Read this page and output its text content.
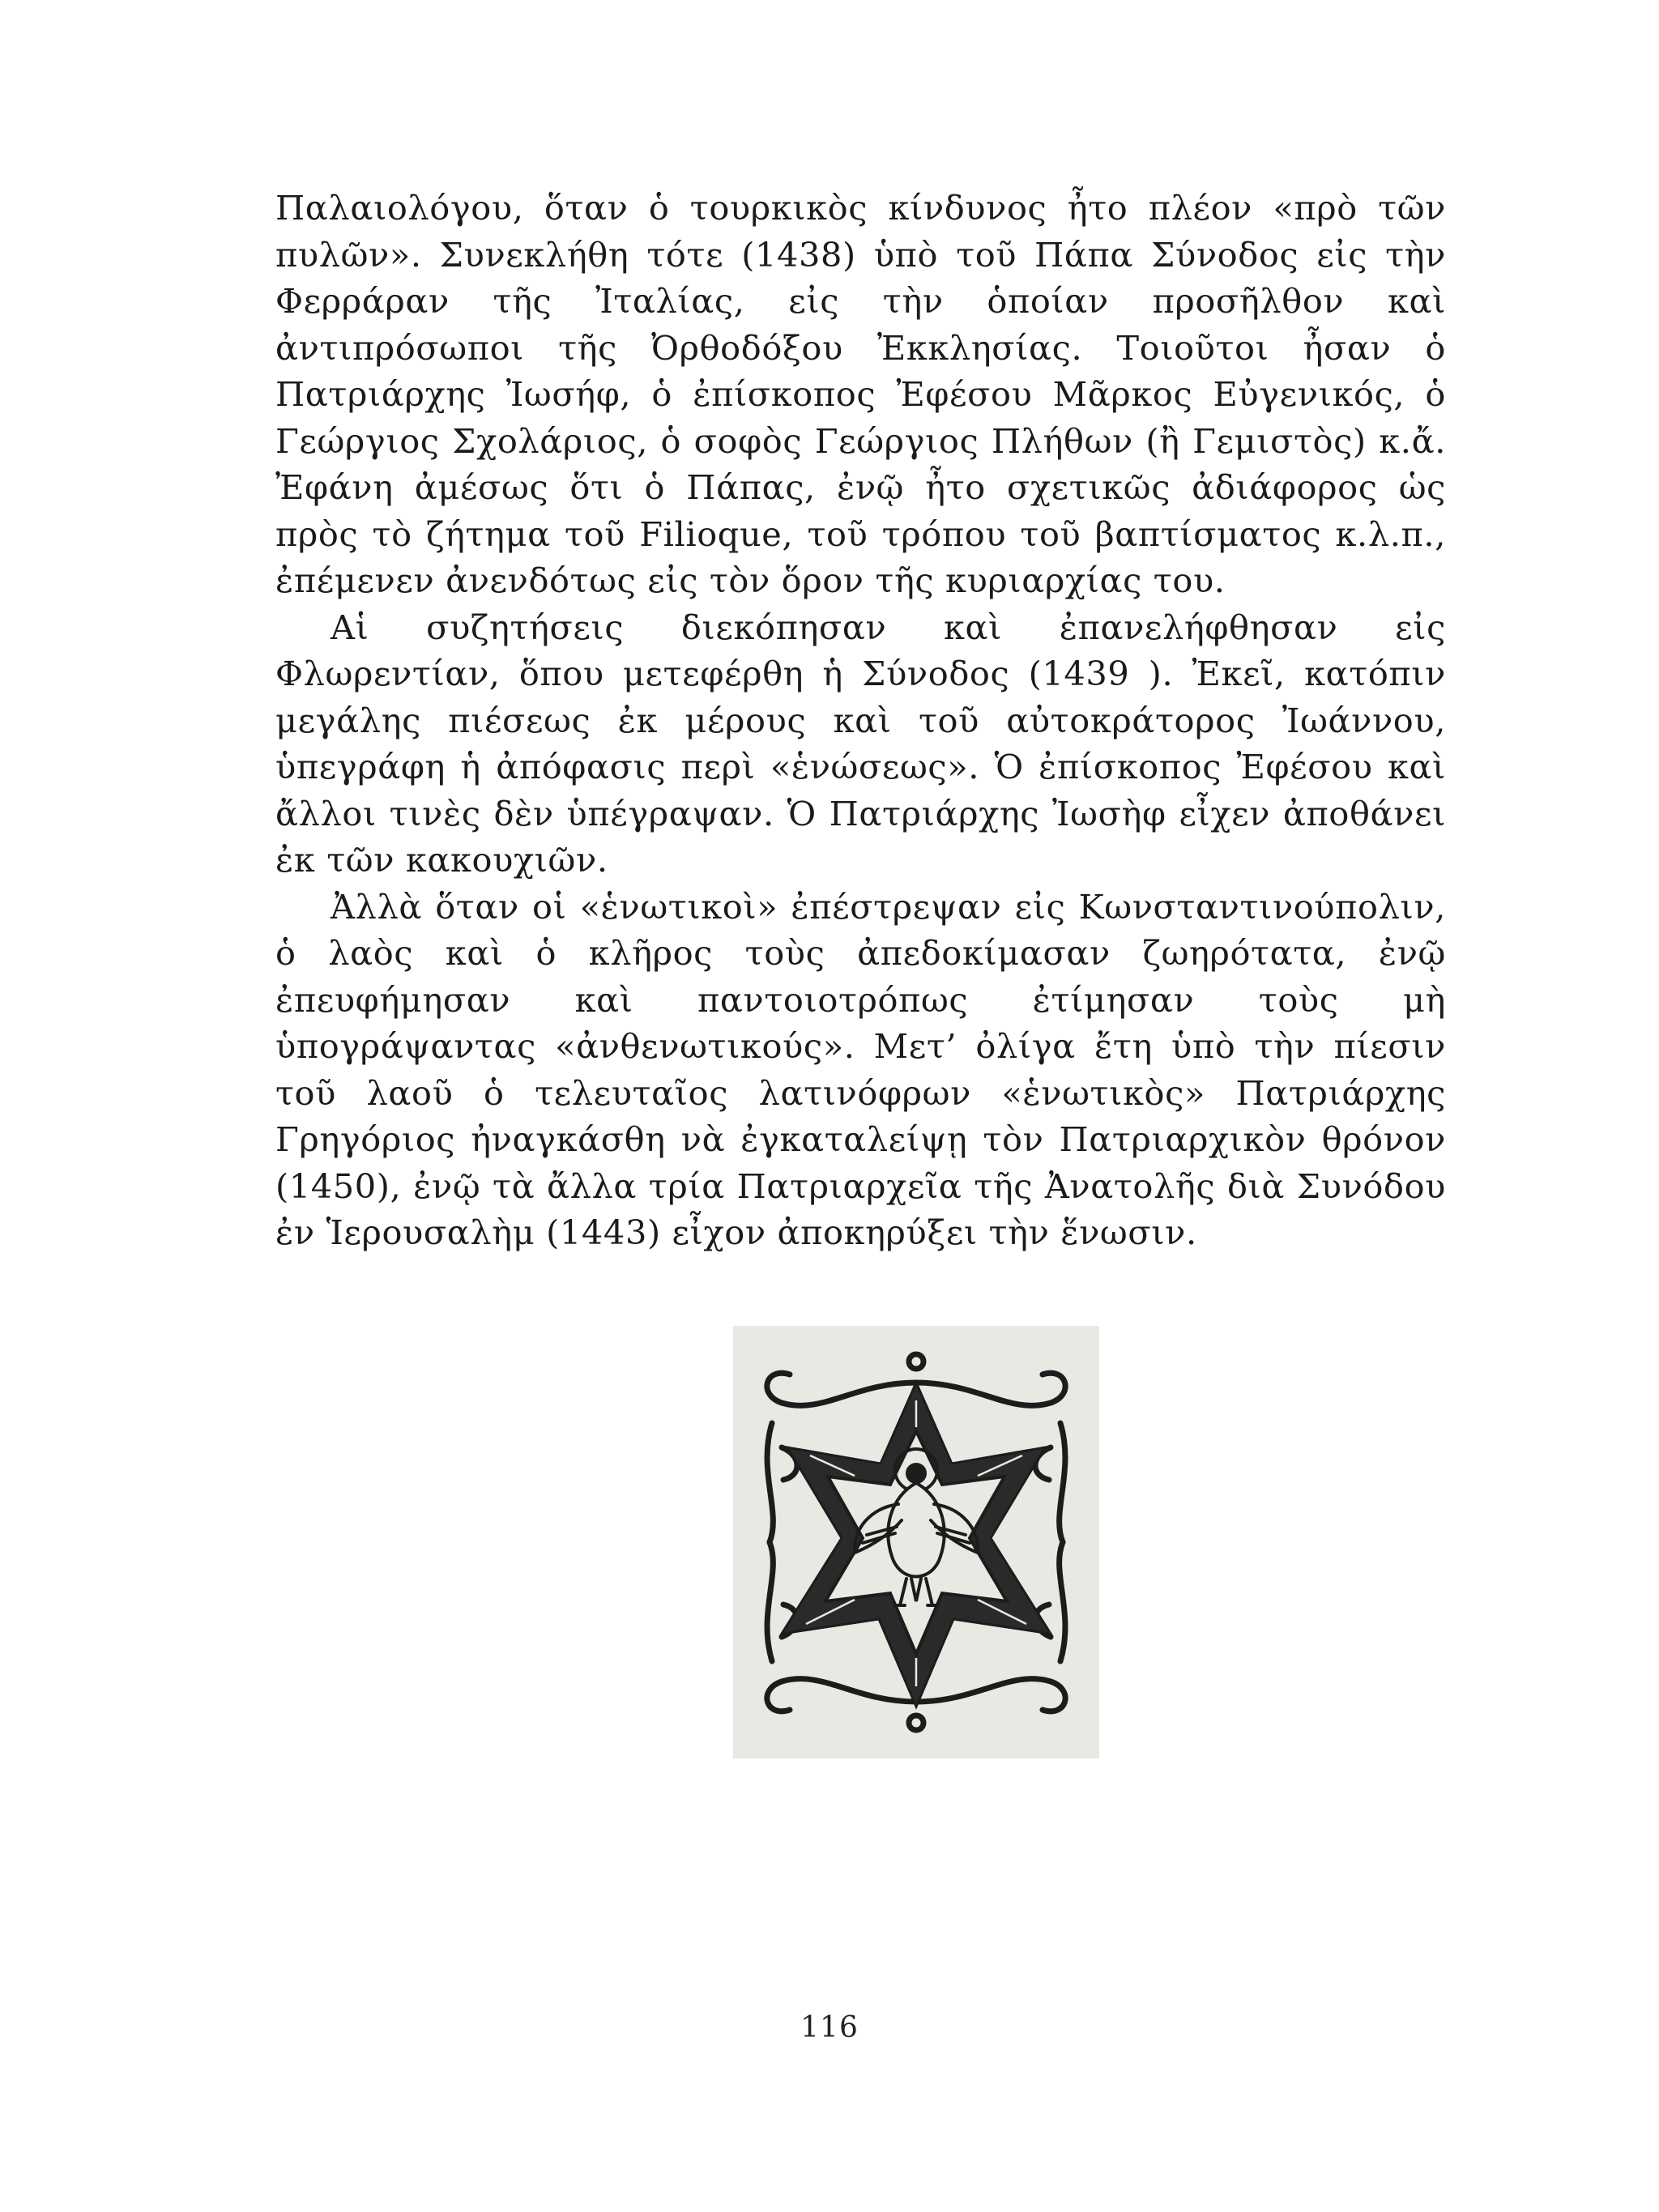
Παλαιολόγου, ὅταν ὁ τουρκικὸς κίνδυνος ἦτο πλέον «πρὸ τῶν πυλῶν». Συνεκλήθη τότε (1438) ὑπὸ τοῦ Πάπα Σύνοδος εἰς τὴν Φερράραν τῆς Ἰταλίας, εἰς τὴν ὁποίαν προσῆλθον καὶ ἀντιπρόσωποι τῆς Ὀρθοδόξου Ἐκκλησίας. Τοιοῦτοι ἦσαν ὁ Πατριάρχης Ἰωσήφ, ὁ ἐπίσκοπος Ἐφέσου Μᾶρκος Εὐγενικός, ὁ Γεώργιος Σχολάριος, ὁ σοφὸς Γεώργιος Πλήθων (ἢ Γεμιστὸς) κ.ἄ. Ἐφάνη ἀμέσως ὅτι ὁ Πάπας, ἐνῷ ἦτο σχετικῶς ἀδιάφορος ὡς πρὸς τὸ ζήτημα τοῦ Filioque, τοῦ τρόπου τοῦ βαπτίσματος κ.λ.π., ἐπέμενεν ἀνενδότως εἰς τὸν ὅρον τῆς κυριαρχίας του.

Αἱ συζητήσεις διεκόπησαν καὶ ἐπανελήφθησαν εἰς Φλωρεντίαν, ὅπου μετεφέρθη ἡ Σύνοδος (1439 ). Ἐκεῖ, κατόπιν μεγάλης πιέσεως ἐκ μέρους καὶ τοῦ αὐτοκράτορος Ἰωάννου, ὑπεγράφη ἡ ἀπόφασις περὶ «ἑνώσεως». Ὁ ἐπίσκοπος Ἐφέσου καὶ ἄλλοι τινὲς δὲν ὑπέγραψαν. Ὁ Πατριάρχης Ἰωσὴφ εἶχεν ἀποθάνει ἐκ τῶν κακουχιῶν.

Ἀλλὰ ὅταν οἱ «ἑνωτικοὶ» ἐπέστρεψαν εἰς Κωνσταντινούπολιν, ὁ λαὸς καὶ ὁ κλῆρος τοὺς ἀπεδοκίμασαν ζωηρότατα, ἐνῷ ἐπευφήμησαν καὶ παντοιοτρόπως ἐτίμησαν τοὺς μὴ ὑπογράψαντας «ἀνθενωτικούς». Μετ’ ὀλίγα ἔτη ὑπὸ τὴν πίεσιν τοῦ λαοῦ ὁ τελευταῖος λατινόφρων «ἑνωτικὸς» Πατριάρχης Γρηγόριος ἠναγκάσθη νὰ ἐγκαταλείψῃ τὸν Πατριαρχικὸν θρόνον (1450), ἐνῷ τὰ ἄλλα τρία Πατριαρχεῖα τῆς Ἀνατολῆς διὰ Συνόδου ἐν Ἱερουσαλὴμ (1443) εἶχον ἀποκηρύξει τὴν ἕνωσιν.

116
